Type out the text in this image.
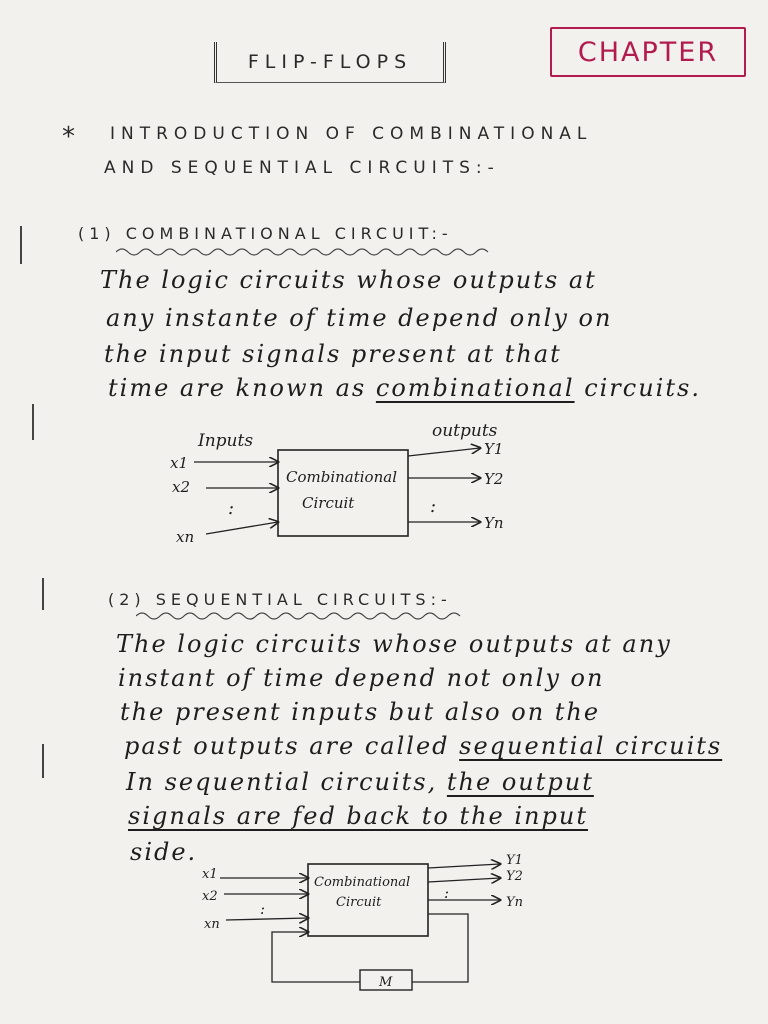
FLIP-FLOPS	CHAPTER
* INTRODUCTION OF COMBINATIONAL
AND SEQUENTIAL CIRCUITS:-
(1) COMBINATIONAL CIRCUIT:-
The logic circuits whose outputs at
any instante of time depend only on
the input signals present at that
time are known as combinational circuits.
Inputs	outputs
x1
x2
xn
:	:
Y1
Y2
Yn
Combinational
Circuit
(2) SEQUENTIAL CIRCUITS:-
The logic circuits whose outputs at any
instant of time depend not only on
the present inputs but also on the
past outputs are called sequential circuits
In sequential circuits, the output
signals are fed back to the input
side.
x1
x2
xn
:
:
Y1
Y2
Yn
Combinational
Circuit
M
